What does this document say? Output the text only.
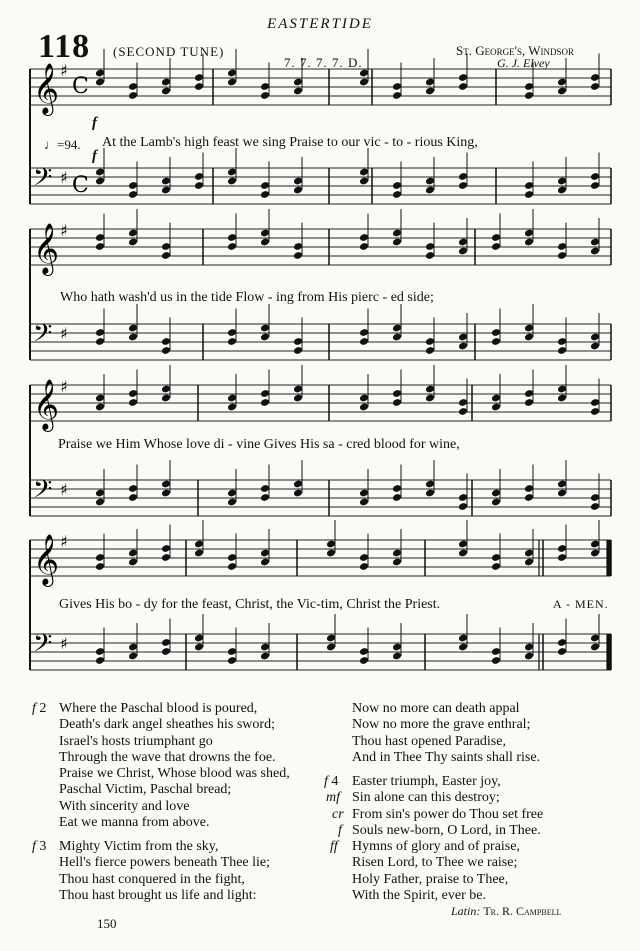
EASTERTIDE
118 (SECOND TUNE)
7. 7. 7. 7. D.
St. George's, Windsor
G. J. Elvey
𝄞 ♯
C
𝄢 ♯ C
𝄞 ♯
𝄢 ♯
𝄞 ♯
𝄢 ♯
𝄞 ♯
𝄢 ♯
♩=94.
f
f
At the Lamb's high feast we sing Praise to our vic - to - rious King,
Who hath wash'd us in the tide Flow - ing from His pierc - ed side;
Praise we Him Whose love di - vine Gives His sa - cred blood for wine,
Gives His bo - dy for the feast, Christ, the Vic-tim, Christ the Priest.	A - MEN.
f 2 Where the Paschal blood is poured,
Death's dark angel sheathes his sword;
Israel's hosts triumphant go
Through the wave that drowns the foe.
Praise we Christ, Whose blood was shed,
Paschal Victim, Paschal bread;
With sincerity and love
Eat we manna from above.
f 3 Mighty Victim from the sky,
Hell's fierce powers beneath Thee lie;
Thou hast conquered in the fight,
Thou hast brought us life and light:
Now no more can death appal
Now no more the grave enthral;
Thou hast opened Paradise,
And in Thee Thy saints shall rise.
f 4
mf
cr
f
ff
Easter triumph, Easter joy,
Sin alone can this destroy;
From sin's power do Thou set free
Souls new-born, O Lord, in Thee.
Hymns of glory and of praise,
Risen Lord, to Thee we raise;
Holy Father, praise to Thee,
With the Spirit, ever be.
Latin: Tr. R. Campbell
150
